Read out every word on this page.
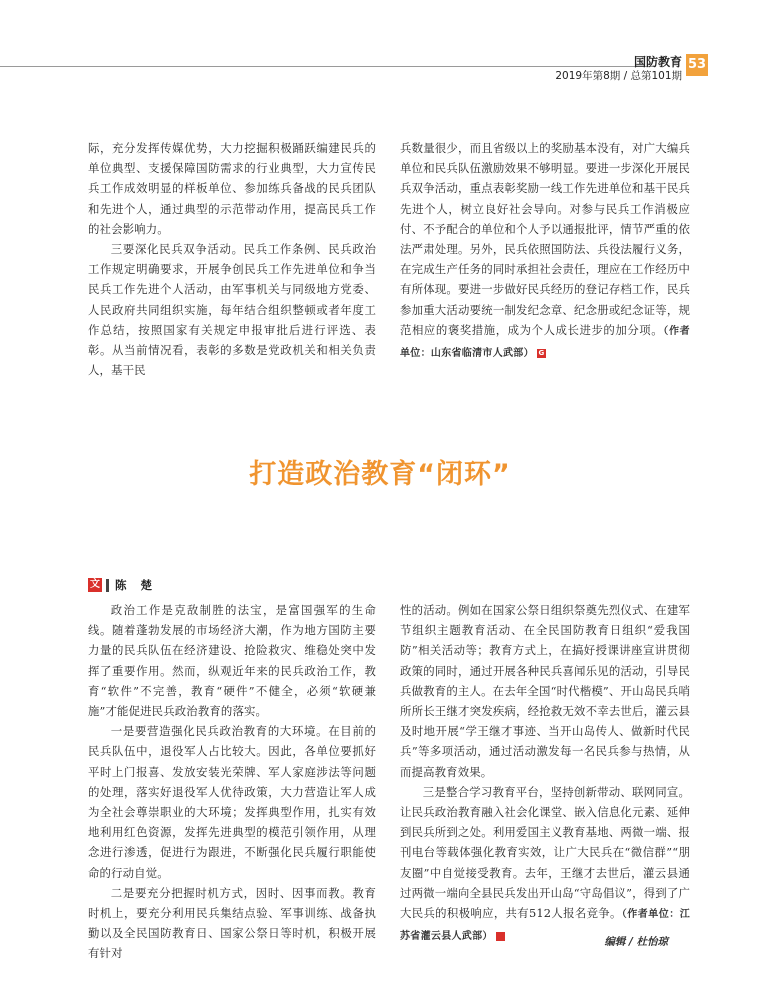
国防教育
2019年第8期 / 总第101期
53

际，充分发挥传媒优势，大力挖掘积极踊跃编建民兵的单位典型、支援保障国防需求的行业典型，大力宣传民兵工作成效明显的样板单位、参加练兵备战的民兵团队和先进个人，通过典型的示范带动作用，提高民兵工作的社会影响力。

三要深化民兵双争活动。民兵工作条例、民兵政治工作规定明确要求，开展争创民兵工作先进单位和争当民兵工作先进个人活动，由军事机关与同级地方党委、人民政府共同组织实施，每年结合组织整顿或者年度工作总结，按照国家有关规定申报审批后进行评选、表彰。从当前情况看，表彰的多数是党政机关和相关负责人，基干民

兵数量很少，而且省级以上的奖励基本没有，对广大编兵单位和民兵队伍激励效果不够明显。要进一步深化开展民兵双争活动，重点表彰奖励一线工作先进单位和基干民兵先进个人，树立良好社会导向。对参与民兵工作消极应付、不予配合的单位和个人予以通报批评，情节严重的依法严肃处理。另外，民兵依照国防法、兵役法履行义务，在完成生产任务的同时承担社会责任，理应在工作经历中有所体现。要进一步做好民兵经历的登记存档工作，民兵参加重大活动要统一制发纪念章、纪念册或纪念证等，规范相应的褒奖措施，成为个人成长进步的加分项。（作者单位：山东省临清市人武部） G

打造政治教育“闭环”
文 陈 楚

政治工作是克敌制胜的法宝，是富国强军的生命线。随着蓬勃发展的市场经济大潮，作为地方国防主要力量的民兵队伍在经济建设、抢险救灾、维稳处突中发挥了重要作用。然而，纵观近年来的民兵政治工作，教育“软件”不完善，教育“硬件”不健全，必须“软硬兼施”才能促进民兵政治教育的落实。

一是要营造强化民兵政治教育的大环境。在目前的民兵队伍中，退役军人占比较大。因此，各单位要抓好平时上门报喜、发放安装光荣牌、军人家庭涉法等问题的处理，落实好退役军人优待政策，大力营造让军人成为全社会尊崇职业的大环境；发挥典型作用，扎实有效地利用红色资源，发挥先进典型的模范引领作用，从理念进行渗透，促进行为跟进，不断强化民兵履行职能使命的行动自觉。

二是要充分把握时机方式，因时、因事而教。教育时机上，要充分利用民兵集结点验、军事训练、战备执勤以及全民国防教育日、国家公祭日等时机，积极开展有针对

性的活动。例如在国家公祭日组织祭奠先烈仪式、在建军节组织主题教育活动、在全民国防教育日组织“爱我国防”相关活动等；教育方式上，在搞好授课讲座宣讲贯彻政策的同时，通过开展各种民兵喜闻乐见的活动，引导民兵做教育的主人。在去年全国“时代楷模”、开山岛民兵哨所所长王继才突发疾病，经抢救无效不幸去世后，灌云县及时地开展“学王继才事迹、当开山岛传人、做新时代民兵”等多项活动，通过活动激发每一名民兵参与热情，从而提高教育效果。

三是整合学习教育平台，坚持创新带动、联网同宣。让民兵政治教育融入社会化课堂、嵌入信息化元素、延伸到民兵所到之处。利用爱国主义教育基地、两微一端、报刊电台等载体强化教育实效，让广大民兵在“微信群”“朋友圈”中自觉接受教育。去年，王继才去世后，灌云县通过两微一端向全县民兵发出开山岛“守岛倡议”，得到了广大民兵的积极响应，共有512人报名竞争。（作者单位：江苏省灌云县人武部）	G

编辑 / 杜怡琼
